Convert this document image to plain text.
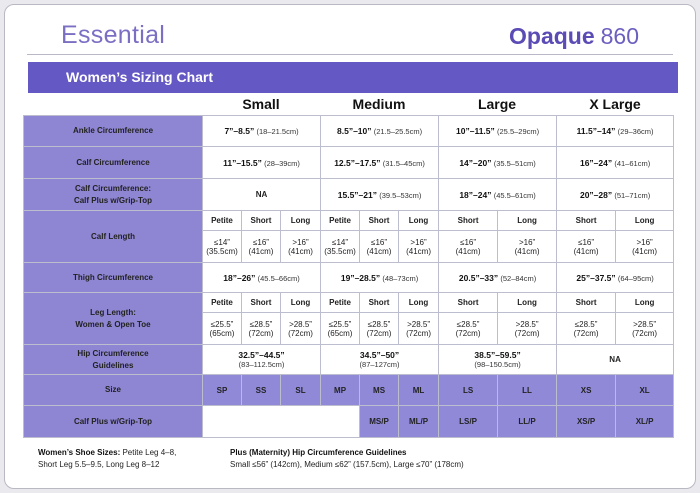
Essential	Opaque 860
Women’s Sizing Chart
Small	Medium	Large	X Large
Ankle Circumference	7”–8.5” (18–21.5cm)			8.5”–10” (21.5–25.5cm)			10”–11.5” (25.5–29cm)		11.5”–14” (29–36cm)	
Calf Circumference	11”–15.5” (28–39cm)			12.5”–17.5” (31.5–45cm)			14”–20” (35.5–51cm)		16”–24” (41–61cm)	
Calf Circumference:
Calf Plus w/Grip-Top	NA			15.5”–21” (39.5–53cm)			18”–24” (45.5–61cm)		20”–28” (51–71cm)	
Calf Length	Petite	Short	Long	Petite	Short	Long	Short	Long	Short	Long
	≤14”
(35.5cm)	≤16”
(41cm)	>16”
(41cm)	≤14”
(35.5cm)	≤16”
(41cm)	>16”
(41cm)	≤16”
(41cm)	>16”
(41cm)	≤16”
(41cm)	>16”
(41cm)
Thigh Circumference	18”–26” (45.5–66cm)			19”–28.5” (48–73cm)			20.5”–33” (52–84cm)		25”–37.5” (64–95cm)	
Leg Length:
Women & Open Toe	Petite	Short	Long	Petite	Short	Long	Short	Long	Short	Long
	≤25.5”
(65cm)	≤28.5”
(72cm)	>28.5”
(72cm)	≤25.5”
(65cm)	≤28.5”
(72cm)	>28.5”
(72cm)	≤28.5”
(72cm)	>28.5”
(72cm)	≤28.5”
(72cm)	>28.5”
(72cm)
Hip Circumference
Guidelines	32.5”–44.5”
(83–112.5cm)			34.5”–50”
(87–127cm)			38.5”–59.5”
(98–150.5cm)		NA	
Size	SP	SS	SL	MP	MS	ML	LS	LL	XS	XL
Calf Plus w/Grip-Top					MS/P	ML/P	LS/P	LL/P	XS/P	XL/P
Women’s Shoe Sizes: Petite Leg 4–8,
Short Leg 5.5–9.5, Long Leg 8–12
Plus (Maternity) Hip Circumference Guidelines
Small ≤56” (142cm), Medium ≤62” (157.5cm), Large ≤70” (178cm)
